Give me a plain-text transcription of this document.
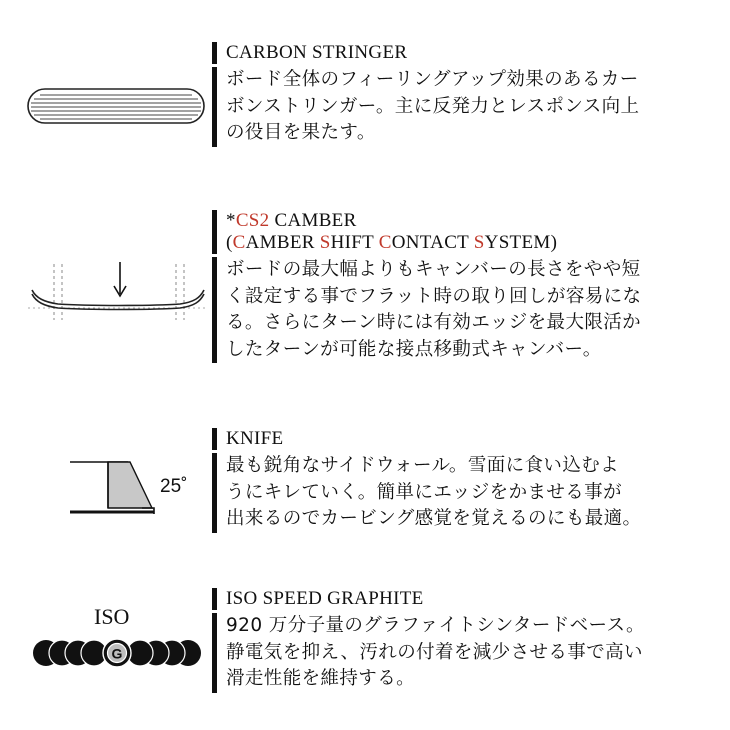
CARBON STRINGER
ボード全体のフィーリングアップ効果のあるカー
ボンストリンガー。主に反発力とレスポンス向上
の役目を果たす。
*CS2 CAMBER
(CAMBER SHIFT CONTACT SYSTEM)
ボードの最大幅よりもキャンバーの長さをやや短
く設定する事でフラット時の取り回しが容易にな
る。さらにターン時には有効エッジを最大限活か
したターンが可能な接点移動式キャンバー。
25˚
KNIFE
最も鋭角なサイドウォール。雪面に食い込むよ
うにキレていく。簡単にエッジをかませる事が
出来るのでカービング感覚を覚えるのにも最適。
ISO
G
ISO SPEED GRAPHITE
920 万分子量のグラファイトシンタードベース。
静電気を抑え、汚れの付着を減少させる事で高い
滑走性能を維持する。
